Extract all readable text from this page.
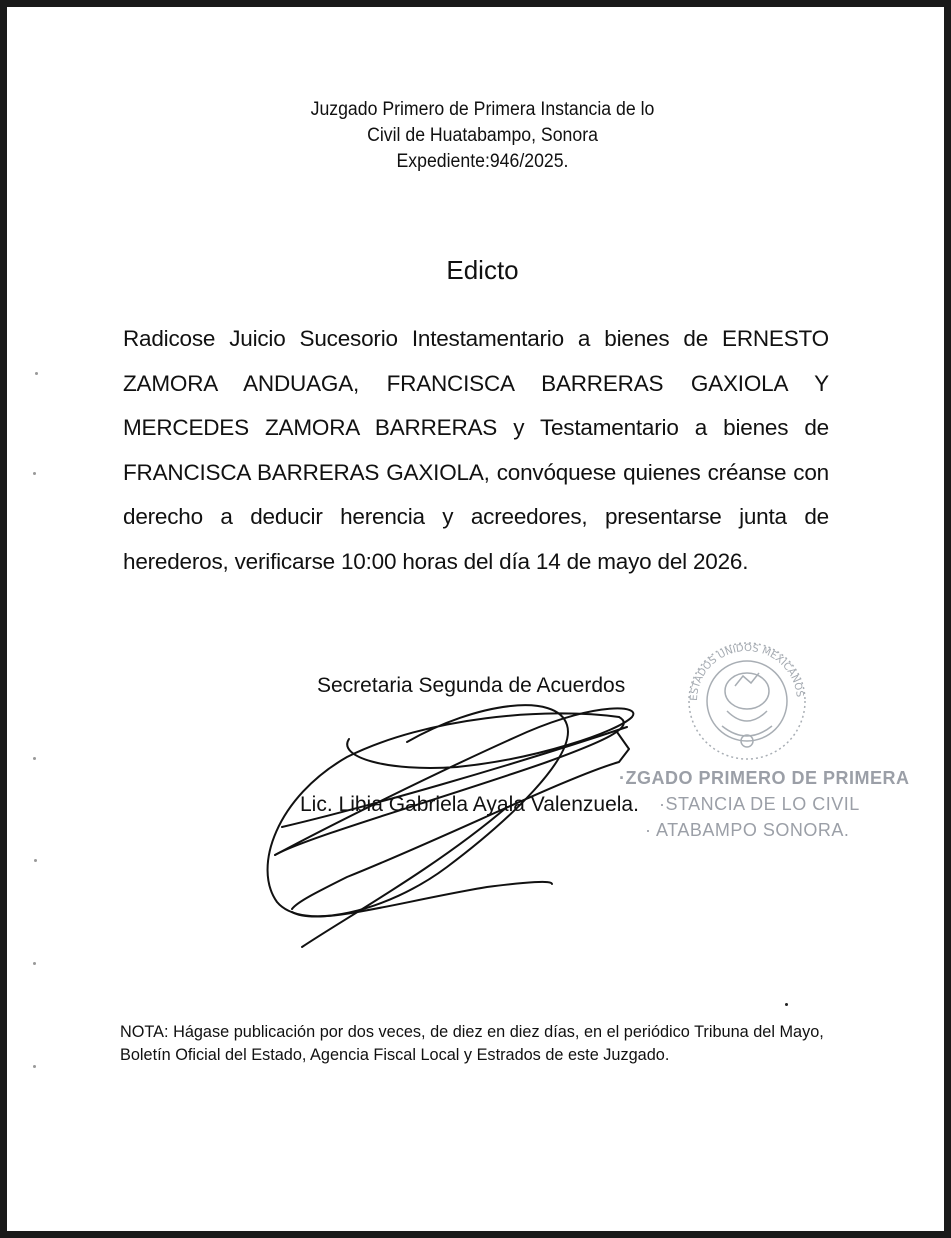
Juzgado Primero de Primera Instancia de lo
Civil de Huatabampo, Sonora
Expediente:946/2025.
Edicto
Radicose Juicio Sucesorio Intestamentario a bienes de ERNESTO ZAMORA ANDUAGA, FRANCISCA BARRERAS GAXIOLA Y MERCEDES ZAMORA BARRERAS y Testamentario a bienes de FRANCISCA BARRERAS GAXIOLA, convóquese quienes créanse con derecho a deducir herencia y acreedores, presentarse junta de herederos, verificarse 10:00 horas del día 14 de mayo del 2026.
Secretaria Segunda de Acuerdos
Lic. Libia Gabriela Ayala Valenzuela.
ESTADOS UNIDOS MEXICANOS
·ZGADO PRIMERO DE PRIMERA
·STANCIA DE LO CIVIL
· ATABAMPO SONORA.
NOTA: Hágase publicación por dos veces, de diez en diez días, en el periódico Tribuna del Mayo, Boletín Oficial del Estado, Agencia Fiscal Local y Estrados de este Juzgado.
